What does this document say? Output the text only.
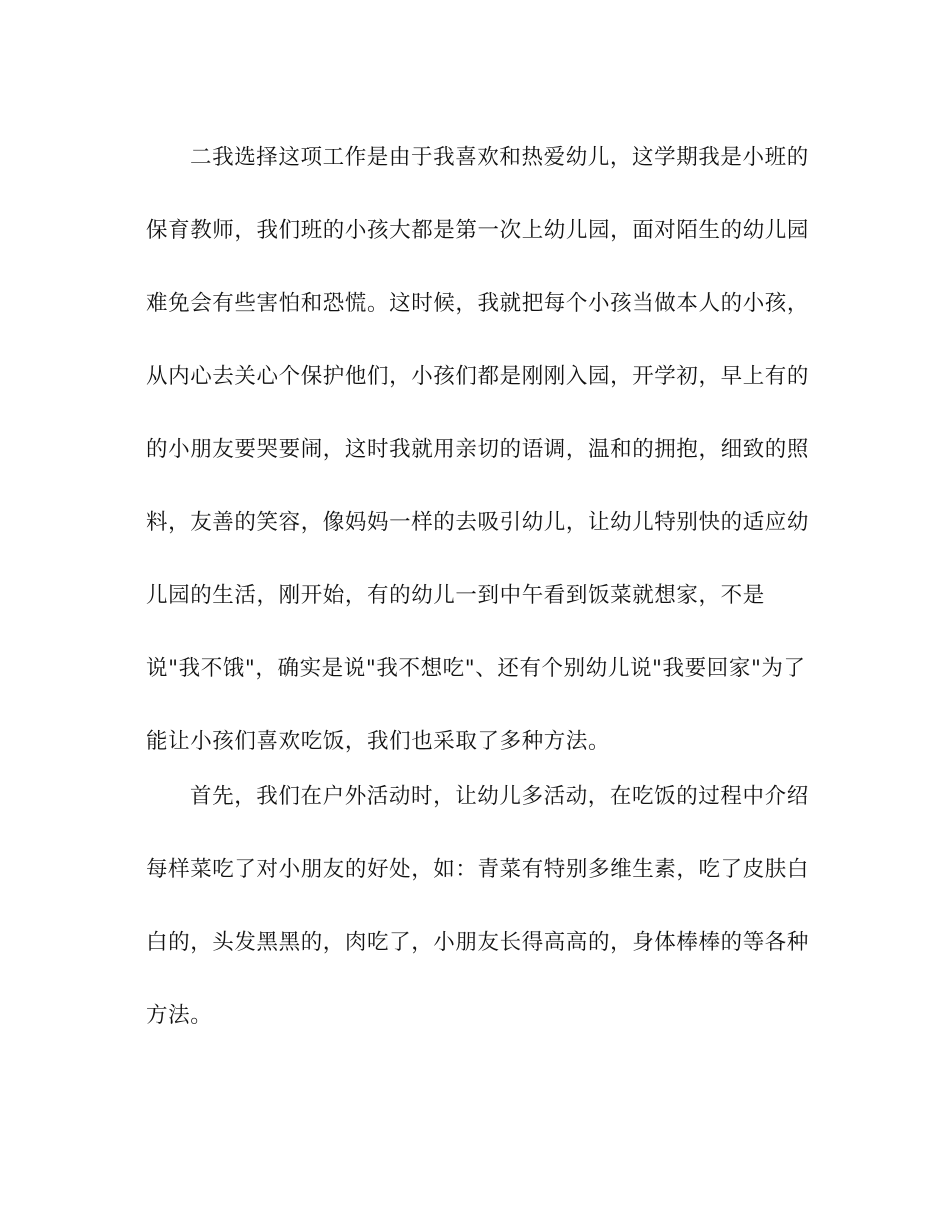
二我选择这项工作是由于我喜欢和热爱幼儿，这学期我是小班的
保育教师，我们班的小孩大都是第一次上幼儿园，面对陌生的幼儿园
难免会有些害怕和恐慌。这时候，我就把每个小孩当做本人的小孩，
从内心去关心个保护他们，小孩们都是刚刚入园，开学初，早上有的
的小朋友要哭要闹，这时我就用亲切的语调，温和的拥抱，细致的照
料，友善的笑容，像妈妈一样的去吸引幼儿，让幼儿特别快的适应幼
儿园的生活，刚开始，有的幼儿一到中午看到饭菜就想家，不是
说"我不饿"，确实是说"我不想吃"、还有个别幼儿说"我要回家"为了
能让小孩们喜欢吃饭，我们也采取了多种方法。
首先，我们在户外活动时，让幼儿多活动，在吃饭的过程中介绍
每样菜吃了对小朋友的好处，如：青菜有特别多维生素，吃了皮肤白
白的，头发黑黑的，肉吃了，小朋友长得高高的，身体棒棒的等各种
方法。
